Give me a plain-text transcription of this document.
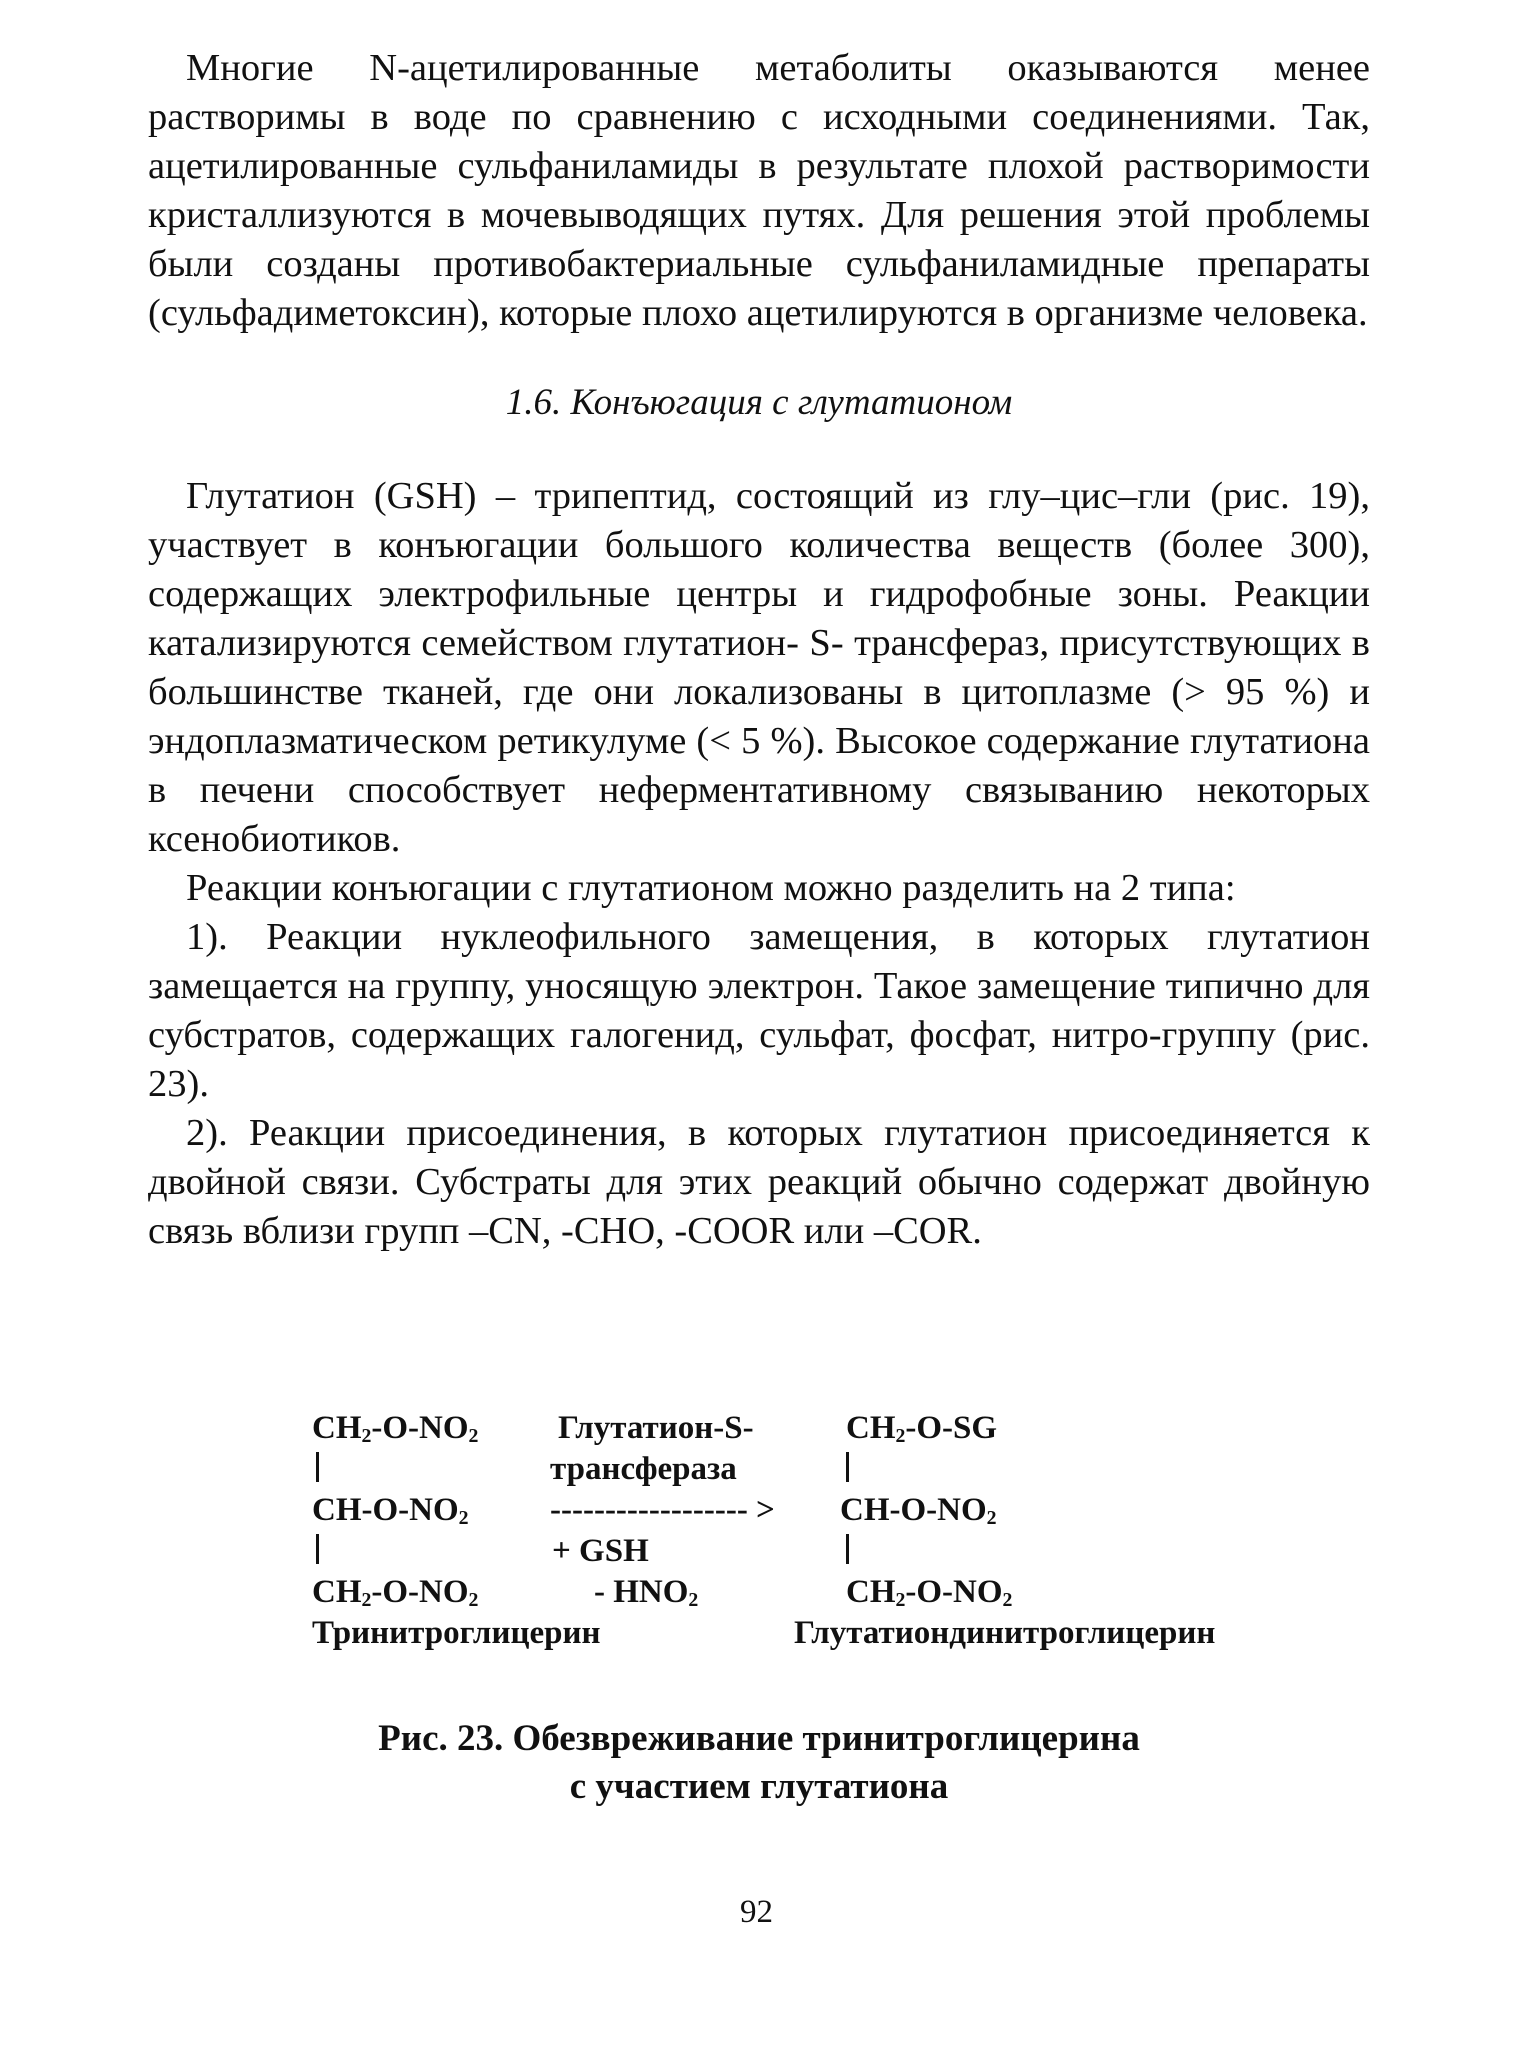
Многие N-ацетилированные метаболиты оказываются менее растворимы в воде по сравнению с исходными соединениями. Так, ацетилированные сульфаниламиды в результате плохой растворимости кристаллизуются в мочевыводящих путях. Для решения этой проблемы были созданы противобактериальные сульфаниламидные препараты (сульфадиметоксин), которые плохо ацетилируются в организме человека.

1.6. Конъюгация с глутатионом

Глутатион (GSH) – трипептид, состоящий из глу–цис–гли (рис. 19), участвует в конъюгации большого количества веществ (более 300), содержащих электрофильные центры и гидрофобные зоны. Реакции катализируются семейством глутатион- S- трансфераз, присутствующих в большинстве тканей, где они локализованы в цитоплазме (> 95 %) и эндоплазматическом ретикулуме (< 5 %). Высокое содержание глутатиона в печени способствует неферментативному связыванию некоторых ксенобиотиков.

Реакции конъюгации с глутатионом можно разделить на 2 типа:

1). Реакции нуклеофильного замещения, в которых глутатион замещается на группу, уносящую электрон. Такое замещение типично для субстратов, содержащих галогенид, сульфат, фосфат, нитро-группу (рис. 23).

2). Реакции присоединения, в которых глутатион присоединяется к двойной связи. Субстраты для этих реакций обычно содержат двойную связь вблизи групп –CN, -CHO, -COOR или –COR.

$CH_2-O-NO_2$
$CH-O-NO_2$
$CH_2-O-NO_2$
Тринитроглицерин
Глутатион-S-
трансфераза
------------------ >
+ GSH
- $HNO_2$
$CH_2-O-SG$
$CH-O-NO_2$
$CH_2-O-NO_2$
Глутатиондинитроглицерин
Рис. 23. Обезвреживание тринитроглицерина
с участием глутатиона
92
